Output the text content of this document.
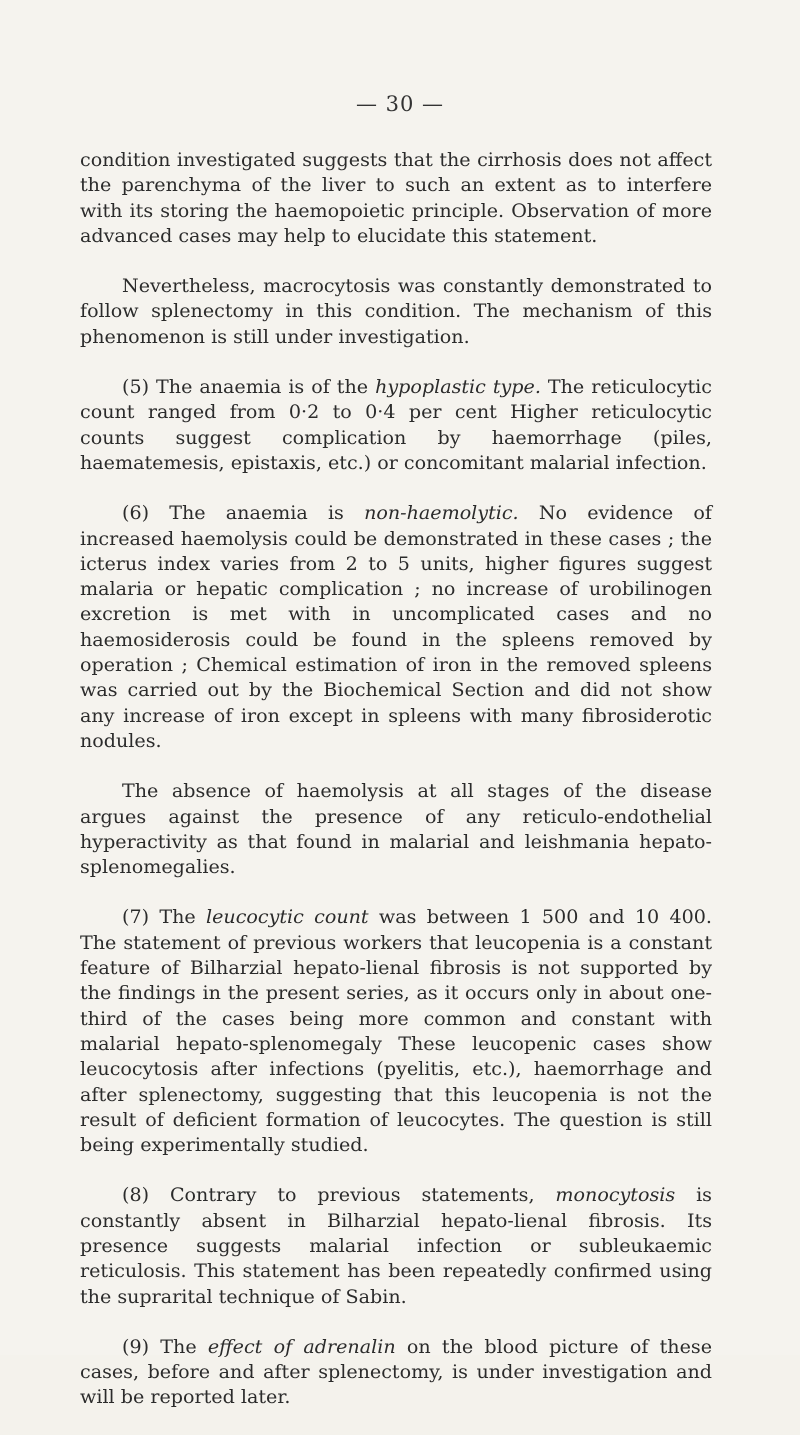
— 30 —

condition investigated suggests that the cirrhosis does not affect the parenchyma of the liver to such an extent as to interfere with its storing the haemopoietic principle. Observation of more advanced cases may help to elucidate this statement.

Nevertheless, macrocytosis was constantly demonstrated to follow splenectomy in this condition. The mechanism of this phenomenon is still under investigation.

(5) The anaemia is of the hypoplastic type. The reticulocytic count ranged from 0·2 to 0·4 per cent Higher reticulocytic counts suggest complication by haemorrhage (piles, haematemesis, epistaxis, etc.) or concomitant malarial infection.

(6) The anaemia is non-haemolytic. No evidence of increased haemolysis could be demonstrated in these cases ; the icterus index varies from 2 to 5 units, higher figures suggest malaria or hepatic complication ; no increase of urobilinogen excretion is met with in uncomplicated cases and no haemosiderosis could be found in the spleens removed by operation ; Chemical estimation of iron in the removed spleens was carried out by the Biochemical Section and did not show any increase of iron except in spleens with many fibrosiderotic nodules.

The absence of haemolysis at all stages of the disease argues against the presence of any reticulo-endothelial hyperactivity as that found in malarial and leishmania hepato-splenomegalies.

(7) The leucocytic count was between 1 500 and 10 400. The statement of previous workers that leucopenia is a constant feature of Bilharzial hepato-lienal fibrosis is not supported by the findings in the present series, as it occurs only in about one-third of the cases being more common and constant with malarial hepato-splenomegaly These leucopenic cases show leucocytosis after infections (pyelitis, etc.), haemorrhage and after splenectomy, suggesting that this leucopenia is not the result of deficient formation of leucocytes. The question is still being experimentally studied.

(8) Contrary to previous statements, monocytosis is constantly absent in Bilharzial hepato-lienal fibrosis. Its presence suggests malarial infection or subleukaemic reticulosis. This statement has been repeatedly confirmed using the suprarital technique of Sabin.

(9) The effect of adrenalin on the blood picture of these cases, before and after splenectomy, is under investigation and will be reported later.
